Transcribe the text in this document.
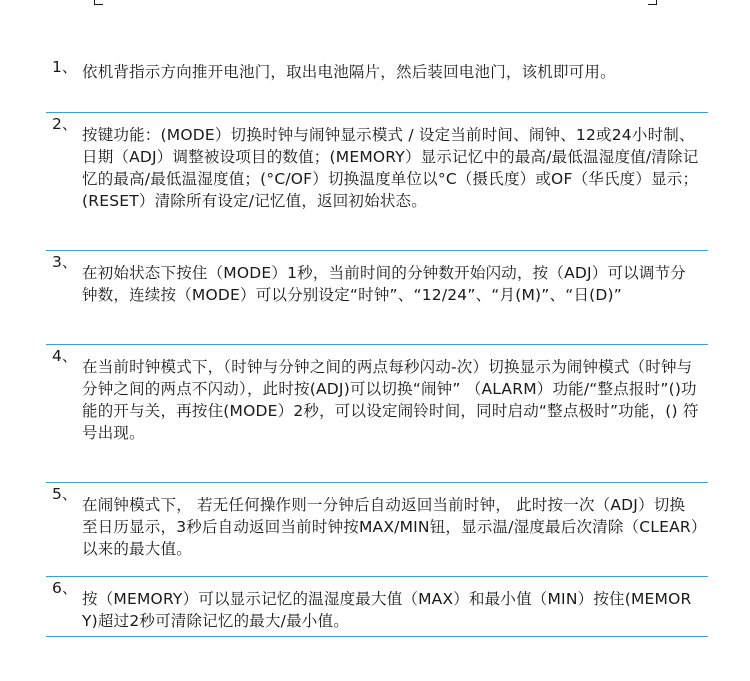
1、 依机背指示方向推开电池门，取出电池隔片，然后装回电池门，该机即可用。
2、
按键功能：(MODE）切换时钟与闹钟显示模式 / 设定当前时间、闹钟、12或24小时制、日期（ADJ）调整被设项目的数值；(MEMORY）显示记忆中的最高/最低温湿度值/清除记忆的最高/最低温湿度值；(°C/OF）切换温度单位以°C（摄氏度）或OF（华氏度）显示；(RESET）清除所有设定/记忆值，返回初始状态。
3、
在初始状态下按住（MODE）1秒，当前时间的分钟数开始闪动，按（ADJ）可以调节分钟数，连续按（MODE）可以分别设定“时钟”、“12/24”、“月(M)”、“日(D)”
4、
在当前时钟模式下，（时钟与分钟之间的两点每秒闪动-次）切换显示为闹钟模式（时钟与分钟之间的两点不闪动），此时按(ADJ)可以切换“闹钟” （ALARM）功能/“整点报时”()功能的开与关，再按住(MODE）2秒，可以设定闹铃时间，同时启动“整点极时”功能，() 符号出现。
5、
在闹钟模式下， 若无任何操作则一分钟后自动返回当前时钟， 此时按一次（ADJ）切换至日历显示，3秒后自动返回当前时钟按MAX/MIN钮，显示温/湿度最后次清除（CLEAR）以来的最大值。
6、
按（MEMORY）可以显示记忆的温湿度最大值（MAX）和最小值（MIN）按住(MEMORY)超过2秒可清除记忆的最大/最小值。
